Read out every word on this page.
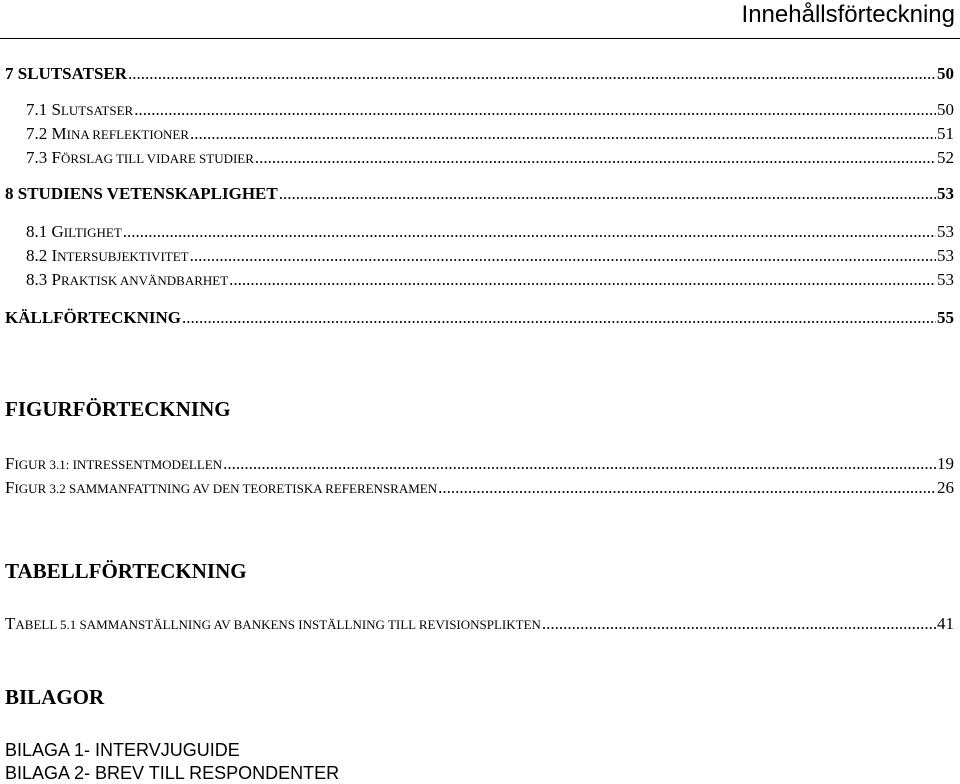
Innehållsförteckning
7 SLUTSATSER .....	50
7.1 SLUTSATSER .....	50
7.2 MINA REFLEKTIONER .....	51
7.3 FÖRSLAG TILL VIDARE STUDIER .....	52
8 STUDIENS VETENSKAPLIGHET .....	53
8.1 GILTIGHET .....	53
8.2 INTERSUBJEKTIVITET .....	53
8.3 PRAKTISK ANVÄNDBARHET .....	53
KÄLLFÖRTECKNING .....	55
FIGURFÖRTECKNING
FIGUR 3.1: INTRESSENTMODELLEN .....	19
FIGUR 3.2 SAMMANFATTNING AV DEN TEORETISKA REFERENSRAMEN .....	26
TABELLFÖRTECKNING
TABELL 5.1 SAMMANSTÄLLNING AV BANKENS INSTÄLLNING TILL REVISIONSPLIKTEN .....	41
BILAGOR
BILAGA 1- INTERVJUGUIDE
BILAGA 2- BREV TILL RESPONDENTER
